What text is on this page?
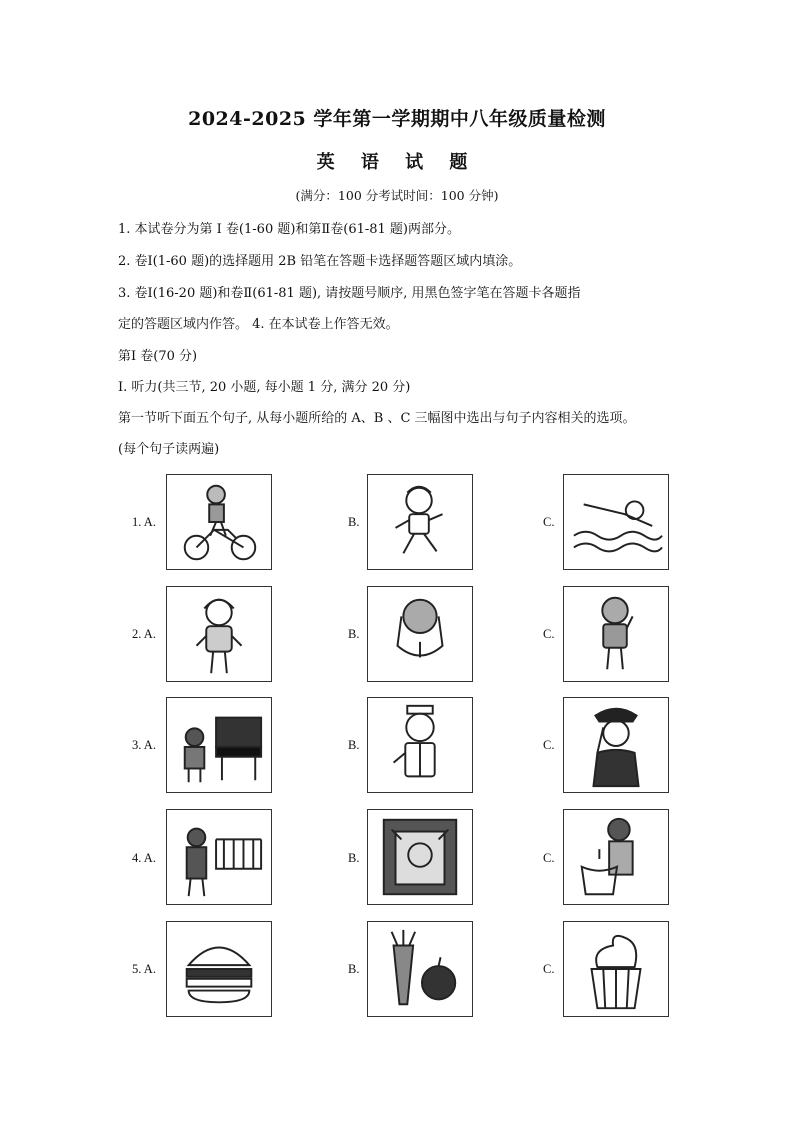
2024-2025 学年第一学期期中八年级质量检测
英 语 试 题
(满分：100 分考试时间：100 分钟)
1. 本试卷分为第 Ⅰ 卷(1-60 题)和第Ⅱ卷(61-81 题)两部分。
2. 卷Ⅰ(1-60 题)的选择题用 2B 铅笔在答题卡选择题答题区域内填涂。
3. 卷Ⅰ(16-20 题)和卷Ⅱ(61-81 题), 请按题号顺序, 用黑色签字笔在答题卡各题指
定的答题区域内作答。 4. 在本试卷上作答无效。
第Ⅰ 卷(70 分)
Ⅰ. 听力(共三节, 20 小题, 每小题 1 分, 满分 20 分)
第一节听下面五个句子, 从每小题所给的 A、B 、C 三幅图中选出与句子内容相关的选项。
(每个句子读两遍)
1. A.	B.	C.
2. A.	B.	C.
3. A.	B.	C.
4. A.	B.	C.
5. A.	B.	C.
